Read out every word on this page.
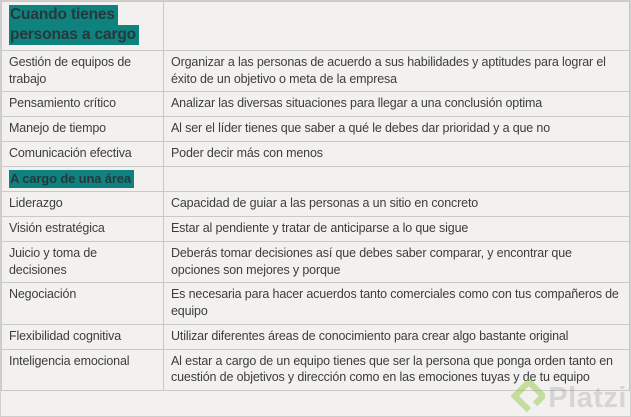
Cuando tienes personas a cargo	
Gestión de equipos de trabajo	Organizar a las personas de acuerdo a sus habilidades y aptitudes para lograr el éxito de un objetivo o meta de la empresa
Pensamiento crítico	Analizar las diversas situaciones para llegar a una conclusión optima
Manejo de tiempo	Al ser el líder tienes que saber a qué le debes dar prioridad y a que no
Comunicación efectiva	Poder decir más con menos
A cargo de una área	
Liderazgo	Capacidad de guiar a las personas a un sitio en concreto
Visión estratégica	Estar al pendiente y tratar de anticiparse a lo que sigue
Juicio y toma de decisiones	Deberás tomar decisiones así que debes saber comparar, y encontrar que opciones son mejores y porque
Negociación	Es necesaria para hacer acuerdos tanto comerciales como con tus compañeros de equipo
Flexibilidad cognitiva	Utilizar diferentes áreas de conocimiento para crear algo bastante original
Inteligencia emocional	Al estar a cargo de un equipo tienes que ser la persona que ponga orden tanto en cuestión de objetivos y dirección como en las emociones tuyas y de tu equipo
Platzi
